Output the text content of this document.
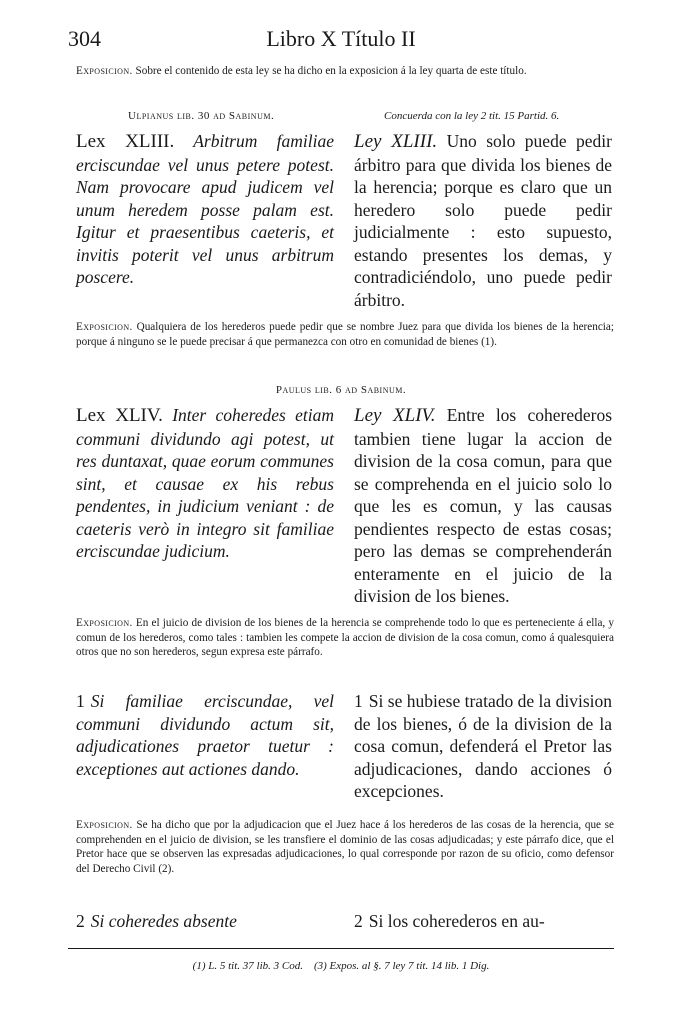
304	Libro X Título II
Exposicion. Sobre el contenido de esta ley se ha dicho en la exposicion á la ley quarta de este título.
Ulpianus lib. 30 ad Sabinum.	Concuerda con la ley 2 tit. 15 Partid. 6.
Lex XLIII. Arbitrum familiae erciscundae vel unus petere potest. Nam provocare apud judicem vel unum heredem posse palam est. Igitur et praesentibus caeteris, et invitis poterit vel unus arbitrum poscere.
Ley XLIII. Uno solo puede pedir árbitro para que divida los bienes de la herencia; porque es claro que un heredero solo puede pedir judicialmente : esto supuesto, estando presentes los demas, y contradiciéndolo, uno puede pedir árbitro.
Exposicion. Qualquiera de los herederos puede pedir que se nombre Juez para que divida los bienes de la herencia; porque á ninguno se le puede precisar á que permanezca con otro en comunidad de bienes (1).
Paulus lib. 6 ad Sabinum.
Lex XLIV. Inter coheredes etiam communi dividundo agi potest, ut res duntaxat, quae eorum communes sint, et causae ex his rebus pendentes, in judicium veniant : de caeteris verò in integro sit familiae erciscundae judicium.
Ley XLIV. Entre los coherederos tambien tiene lugar la accion de division de la cosa comun, para que se comprehenda en el juicio solo lo que les es comun, y las causas pendientes respecto de estas cosas; pero las demas se comprehenderán enteramente en el juicio de la division de los bienes.
Exposicion. En el juicio de division de los bienes de la herencia se comprehende todo lo que es perteneciente á ella, y comun de los herederos, como tales : tambien les compete la accion de division de la cosa comun, como á qualesquiera otros que no son herederos, segun expresa este párrafo.
1 Si familiae erciscundae, vel communi dividundo actum sit, adjudicationes praetor tuetur : exceptiones aut actiones dando.
1 Si se hubiese tratado de la division de los bienes, ó de la division de la cosa comun, defenderá el Pretor las adjudicaciones, dando acciones ó excepciones.
Exposicion. Se ha dicho que por la adjudicacion que el Juez hace á los herederos de las cosas de la herencia, que se comprehenden en el juicio de division, se les transfiere el dominio de las cosas adjudicadas; y este párrafo dice, que el Pretor hace que se observen las expresadas adjudicaciones, lo qual corresponde por razon de su oficio, como defensor del Derecho Civil (2).
2 Si coheredes absente	2 Si los coherederos en au-
(1) L. 5 tit. 37 lib. 3 Cod. (3) Expos. al §. 7 ley 7 tit. 14 lib. 1 Dig.
